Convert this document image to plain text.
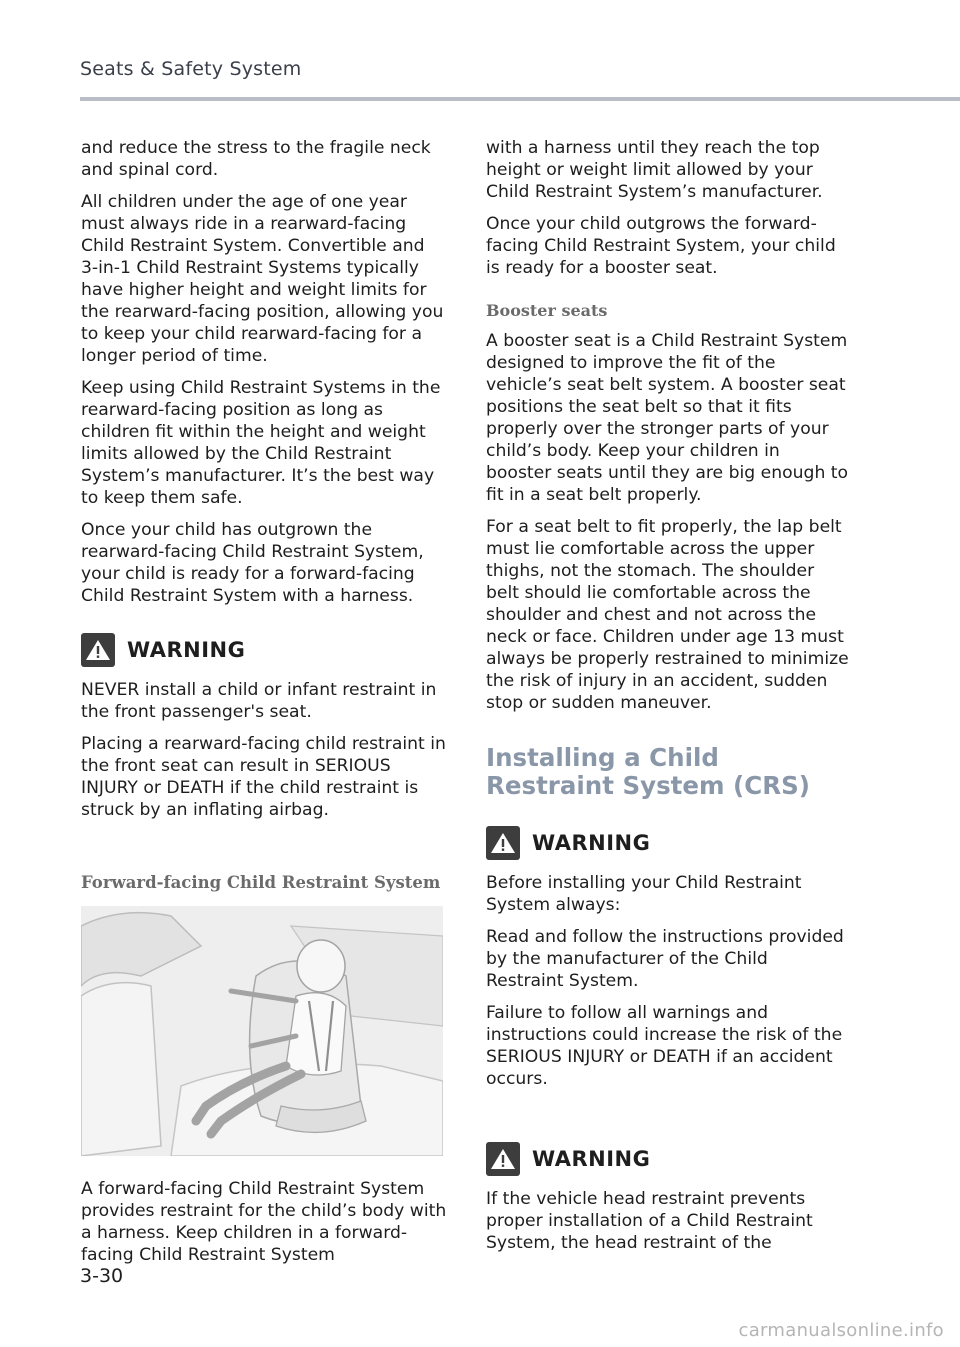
Seats & Safety System

and reduce the stress to the fragile neck and spinal cord.

All children under the age of one year must always ride in a rearward-facing Child Restraint System. Convertible and 3-in-1 Child Restraint Systems typically have higher height and weight limits for the rearward-facing position, allowing you to keep your child rearward-facing for a longer period of time.

Keep using Child Restraint Systems in the rearward-facing position as long as children fit within the height and weight limits allowed by the Child Restraint System’s manufacturer. It’s the best way to keep them safe.

Once your child has outgrown the rearward-facing Child Restraint System, your child is ready for a forward-facing Child Restraint System with a harness.

WARNING

NEVER install a child or infant restraint in the front passenger's seat.

Placing a rearward-facing child restraint in the front seat can result in SERIOUS INJURY or DEATH if the child restraint is struck by an inflating airbag.

Forward-facing Child Restraint System

A forward-facing Child Restraint System provides restraint for the child’s body with a harness. Keep children in a forward-facing Child Restraint System

with a harness until they reach the top height or weight limit allowed by your Child Restraint System’s manufacturer.

Once your child outgrows the forward-facing Child Restraint System, your child is ready for a booster seat.

Booster seats

A booster seat is a Child Restraint System designed to improve the fit of the vehicle’s seat belt system. A booster seat positions the seat belt so that it fits properly over the stronger parts of your child’s body. Keep your children in booster seats until they are big enough to fit in a seat belt properly.

For a seat belt to fit properly, the lap belt must lie comfortable across the upper thighs, not the stomach. The shoulder belt should lie comfortable across the shoulder and chest and not across the neck or face. Children under age 13 must always be properly restrained to minimize the risk of injury in an accident, sudden stop or sudden maneuver.

Installing a Child Restraint System (CRS)
WARNING

Before installing your Child Restraint System always:

Read and follow the instructions provided by the manufacturer of the Child Restraint System.

Failure to follow all warnings and instructions could increase the risk of the SERIOUS INJURY or DEATH if an accident occurs.

WARNING

If the vehicle head restraint prevents proper installation of a Child Restraint System, the head restraint of the

3-30
carmanualsonline.info
